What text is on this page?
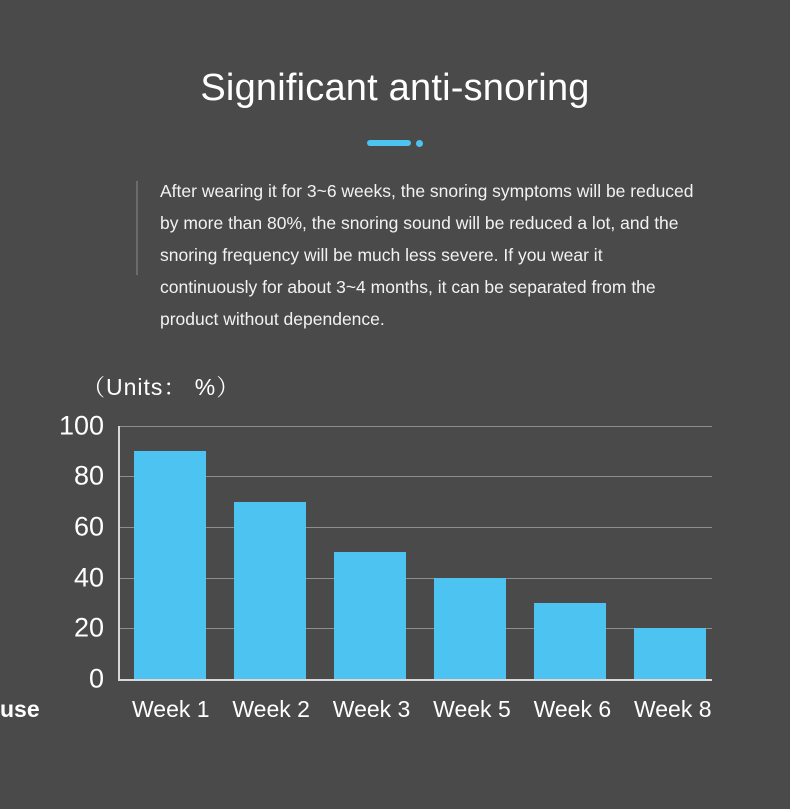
Significant anti-snoring

After wearing it for 3~6 weeks, the snoring symptoms will be reduced by more than 80%, the snoring sound will be reduced a lot, and the snoring frequency will be much less severe. If you wear it continuously for about 3~4 months, it can be separated from the product without dependence.

（Units： %）
100
80
60
40
20
0
use	Week 1 Week 2 Week 3 Week 5 Week 6 Week 8
